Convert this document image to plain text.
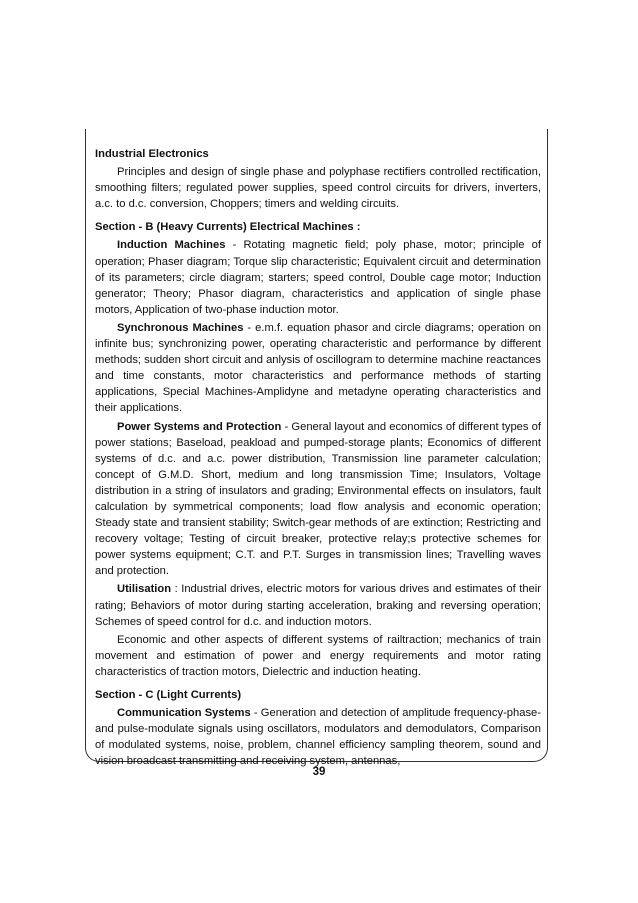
Industrial Electronics

Principles and design of single phase and polyphase rectifiers controlled rectification, smoothing filters; regulated power supplies, speed control circuits for drivers, inverters, a.c. to d.c. conversion, Choppers; timers and welding circuits.

Section - B (Heavy Currents) Electrical Machines :

Induction Machines - Rotating magnetic field; poly phase, motor; principle of operation; Phaser diagram; Torque slip characteristic; Equivalent circuit and determination of its parameters; circle diagram; starters; speed control, Double cage motor; Induction generator; Theory; Phasor diagram, characteristics and application of single phase motors, Application of two-phase induction motor.

Synchronous Machines - e.m.f. equation phasor and circle diagrams; operation on infinite bus; synchronizing power, operating characteristic and performance by different methods; sudden short circuit and anlysis of oscillogram to determine machine reactances and time constants, motor characteristics and performance methods of starting applications, Special Machines-Amplidyne and metadyne operating characteristics and their applications.

Power Systems and Protection - General layout and economics of different types of power stations; Baseload, peakload and pumped-storage plants; Economics of different systems of d.c. and a.c. power distribution, Transmission line parameter calculation; concept of G.M.D. Short, medium and long transmission Time; Insulators, Voltage distribution in a string of insulators and grading; Environmental effects on insulators, fault calculation by symmetrical components; load flow analysis and economic operation; Steady state and transient stability; Switch-gear methods of are extinction; Restricting and recovery voltage; Testing of circuit breaker, protective relay;s protective schemes for power systems equipment; C.T. and P.T. Surges in transmission lines; Travelling waves and protection.

Utilisation : Industrial drives, electric motors for various drives and estimates of their rating; Behaviors of motor during starting acceleration, braking and reversing operation; Schemes of speed control for d.c. and induction motors.

Economic and other aspects of different systems of railtraction; mechanics of train movement and estimation of power and energy requirements and motor rating characteristics of traction motors, Dielectric and induction heating.

Section - C (Light Currents)

Communication Systems - Generation and detection of amplitude frequency-phase-and pulse-modulate signals using oscillators, modulators and demodulators, Comparison of modulated systems, noise, problem, channel efficiency sampling theorem, sound and vision broadcast transmitting and receiving system, antennas,

39
